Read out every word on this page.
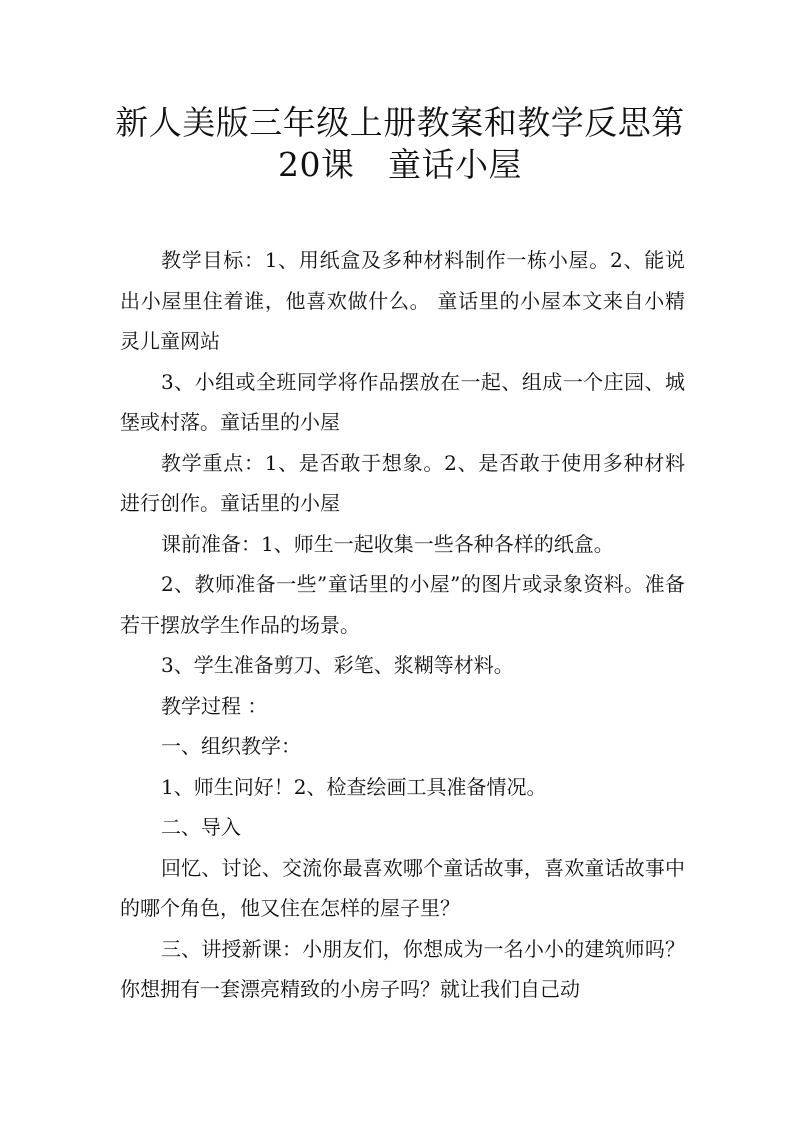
新人美版三年级上册教案和教学反思第
20课　童话小屋

教学目标：1、用纸盒及多种材料制作一栋小屋。2、能说出小屋里住着谁，他喜欢做什么。 童话里的小屋本文来自小精灵儿童网站

3、小组或全班同学将作品摆放在一起、组成一个庄园、城堡或村落。童话里的小屋

教学重点：1、是否敢于想象。2、是否敢于使用多种材料进行创作。童话里的小屋

课前准备：1、师生一起收集一些各种各样的纸盒。

2、教师准备一些”童话里的小屋”的图片或录象资料。准备若干摆放学生作品的场景。

3、学生准备剪刀、彩笔、浆糊等材料。

教学过程 ：

一、组织教学：

1、师生问好！2、检查绘画工具准备情况。

二、导入

回忆、讨论、交流你最喜欢哪个童话故事，喜欢童话故事中的哪个角色，他又住在怎样的屋子里？

三、讲授新课：小朋友们，你想成为一名小小的建筑师吗？你想拥有一套漂亮精致的小房子吗？就让我们自己动
